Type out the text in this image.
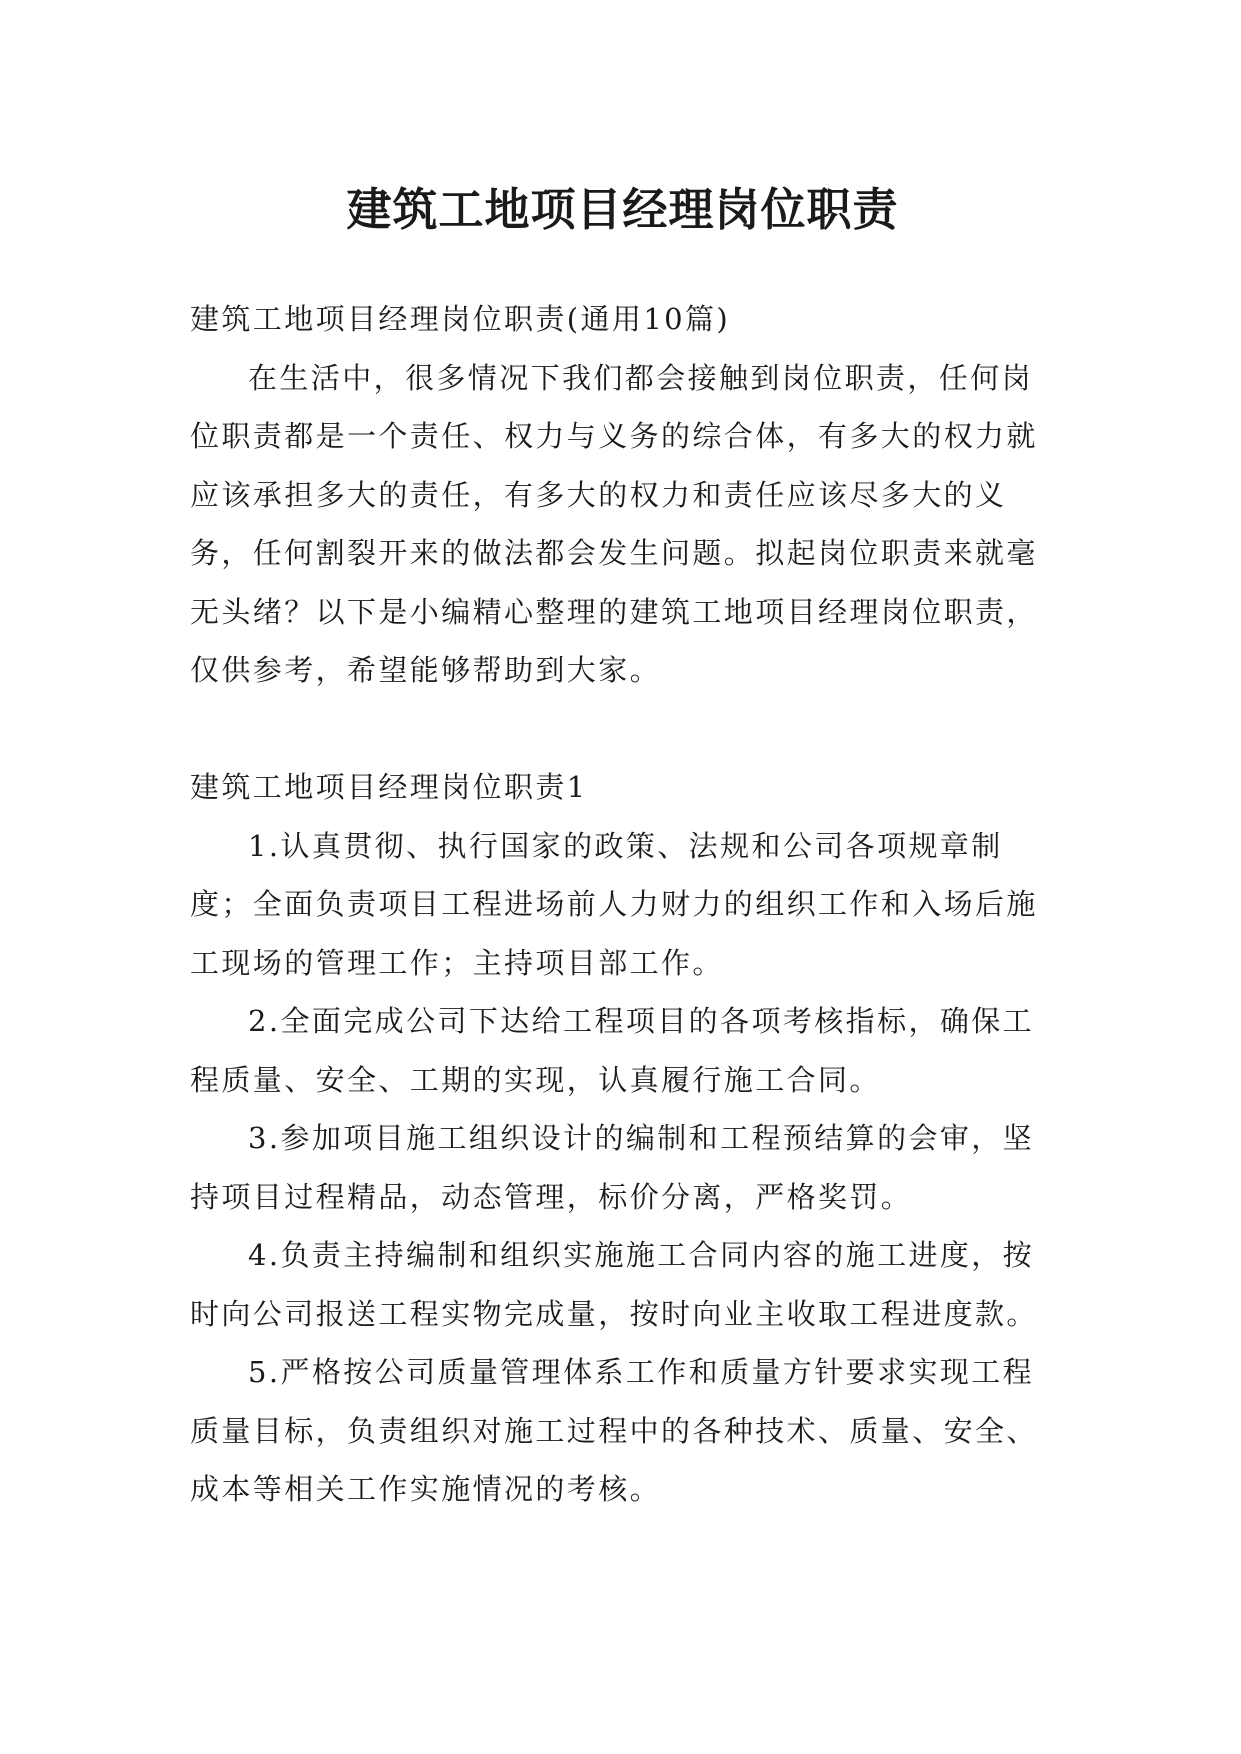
建筑工地项目经理岗位职责

建筑工地项目经理岗位职责(通用10篇)

在生活中，很多情况下我们都会接触到岗位职责，任何岗位职责都是一个责任、权力与义务的综合体，有多大的权力就应该承担多大的责任，有多大的权力和责任应该尽多大的义务，任何割裂开来的做法都会发生问题。拟起岗位职责来就毫无头绪？以下是小编精心整理的建筑工地项目经理岗位职责，仅供参考，希望能够帮助到大家。

建筑工地项目经理岗位职责1

1.认真贯彻、执行国家的政策、法规和公司各项规章制度；全面负责项目工程进场前人力财力的组织工作和入场后施工现场的管理工作；主持项目部工作。

2.全面完成公司下达给工程项目的各项考核指标，确保工程质量、安全、工期的实现，认真履行施工合同。

3.参加项目施工组织设计的编制和工程预结算的会审，坚持项目过程精品，动态管理，标价分离，严格奖罚。

4.负责主持编制和组织实施施工合同内容的施工进度，按时向公司报送工程实物完成量，按时向业主收取工程进度款。

5.严格按公司质量管理体系工作和质量方针要求实现工程质量目标，负责组织对施工过程中的各种技术、质量、安全、成本等相关工作实施情况的考核。
